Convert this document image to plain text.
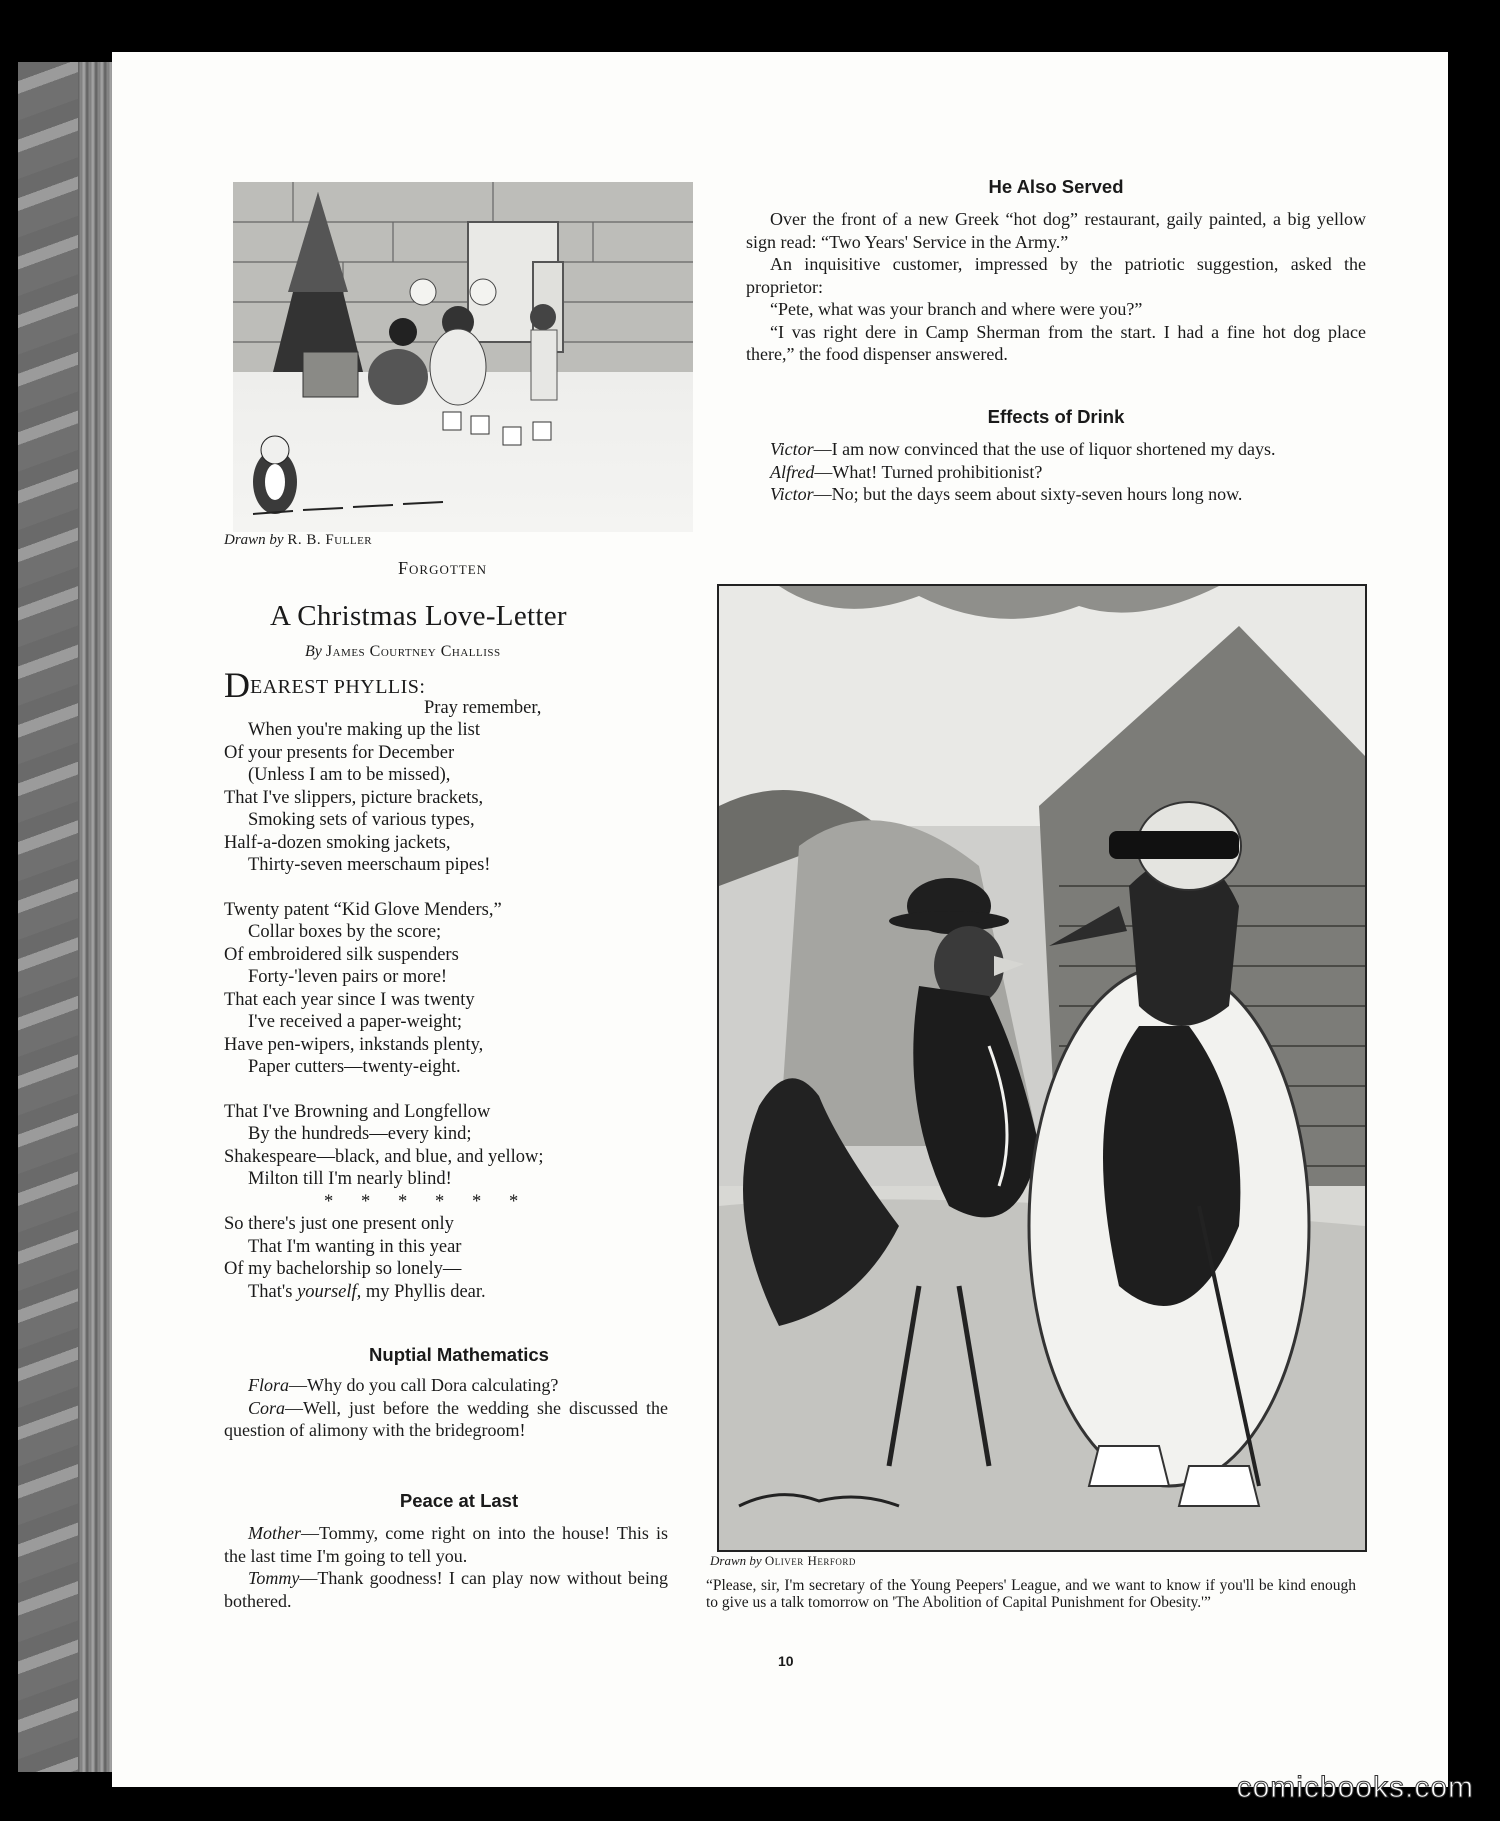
Drawn by R. B. Fuller
Forgotten
A Christmas Love-Letter
By James Courtney Challiss
DEAREST PHYLLIS:
Pray remember,
When you're making up the list
Of your presents for December
(Unless I am to be missed),
That I've slippers, picture brackets,
Smoking sets of various types,
Half-a-dozen smoking jackets,
Thirty-seven meerschaum pipes!
Twenty patent “Kid Glove Menders,”
Collar boxes by the score;
Of embroidered silk suspenders
Forty-'leven pairs or more!
That each year since I was twenty
I've received a paper-weight;
Have pen-wipers, inkstands plenty,
Paper cutters—twenty-eight.
That I've Browning and Longfellow
By the hundreds—every kind;
Shakespeare—black, and blue, and yellow;
Milton till I'm nearly blind!
*      *      *      *      *      *
So there's just one present only
That I'm wanting in this year
Of my bachelorship so lonely—
That's yourself, my Phyllis dear.
Nuptial Mathematics

Flora—Why do you call Dora calculating?

Cora—Well, just before the wedding she discussed the question of alimony with the bridegroom!

Peace at Last

Mother—Tommy, come right on into the house! This is the last time I'm going to tell you.

Tommy—Thank goodness! I can play now without being bothered.

He Also Served

Over the front of a new Greek “hot dog” restaurant, gaily painted, a big yellow sign read: “Two Years' Service in the Army.”

An inquisitive customer, impressed by the patriotic suggestion, asked the proprietor:

“Pete, what was your branch and where were you?”

“I vas right dere in Camp Sherman from the start. I had a fine hot dog place there,” the food dispenser answered.

Effects of Drink

Victor—I am now convinced that the use of liquor shortened my days.

Alfred—What! Turned prohibitionist?

Victor—No; but the days seem about sixty-seven hours long now.

Drawn by Oliver Herford
“Please, sir, I'm secretary of the Young Peepers' League, and we want to know if you'll be kind enough to give us a talk tomorrow on 'The Abolition of Capital Punishment for Obesity.'”
10
comicbooks.com
